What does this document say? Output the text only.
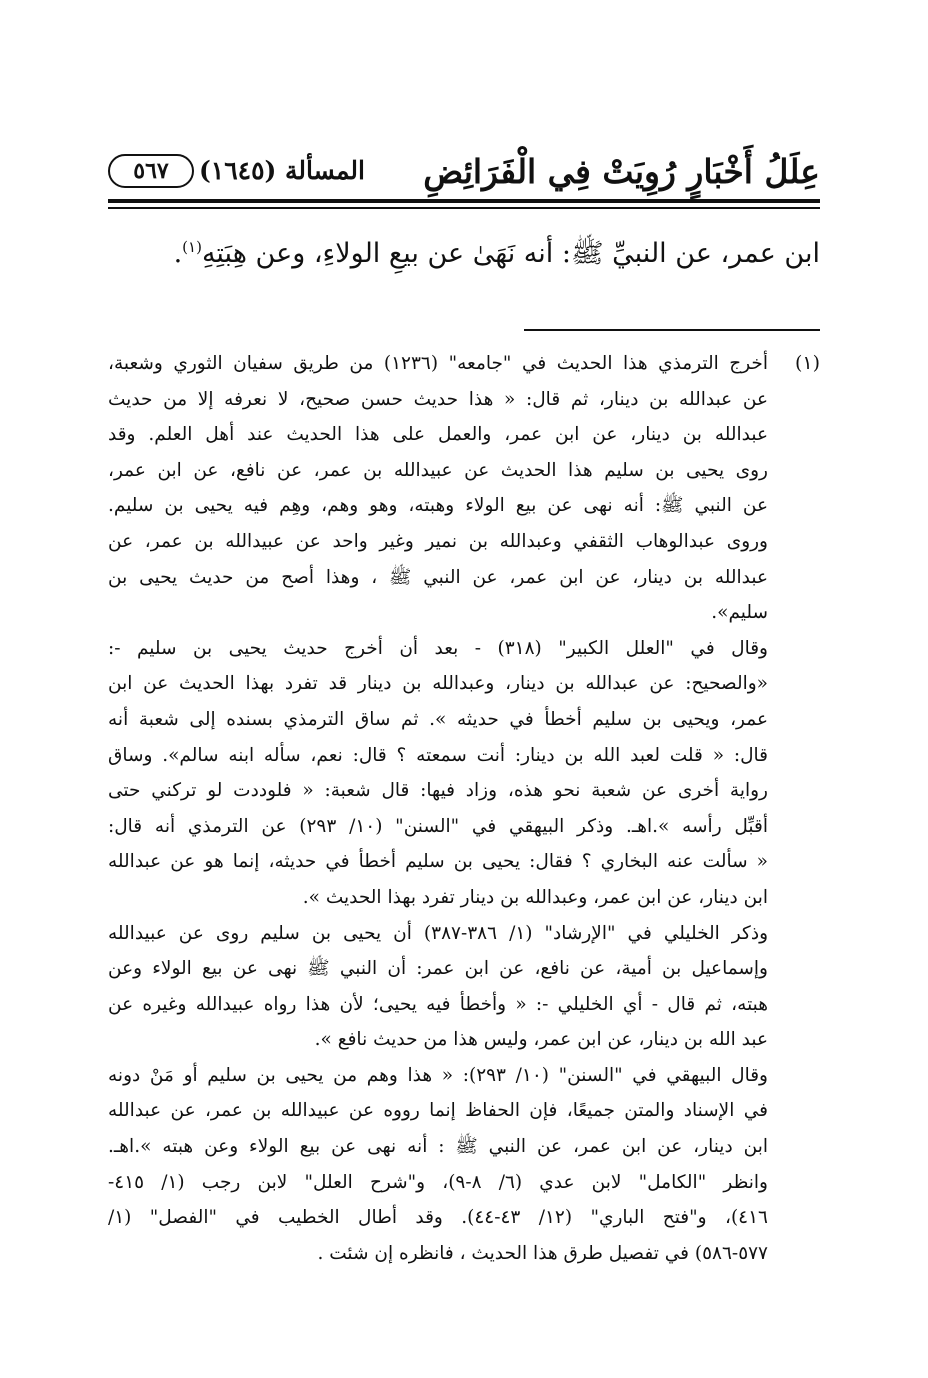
عِلَلُ أَخْبَارٍ رُوِيَتْ فِي الْفَرَائِضِ
المسألة (١٦٤٥)
٥٦٧
ابن عمر، عن النبيِّ ﷺ: أنه نَهَىٰ عن بيعِ الولاءِ، وعن هِبَتِهِ$^{(١)}$.
(١)
أخرج الترمذي هذا الحديث في "جامعه" (١٢٣٦) من طريق سفيان الثوري وشعبة،
عن عبدالله بن دينار، ثم قال: « هذا حديث حسن صحيح، لا نعرفه إلا من حديث
عبدالله بن دينار، عن ابن عمر، والعمل على هذا الحديث عند أهل العلم. وقد
روى يحيى بن سليم هذا الحديث عن عبيدالله بن عمر، عن نافع، عن ابن عمر،
عن النبي ﷺ: أنه نهى عن بيع الولاء وهبته، وهو وهم، وهِم فيه يحيى بن سليم.
وروى عبدالوهاب الثقفي وعبدالله بن نمير وغير واحد عن عبيدالله بن عمر، عن
عبدالله بن دينار، عن ابن عمر، عن النبي ﷺ ، وهذا أصح من حديث يحيى بن
سليم».
وقال في "العلل الكبير" (٣١٨) - بعد أن أخرج حديث يحيى بن سليم -:
«والصحيح: عن عبدالله بن دينار، وعبدالله بن دينار قد تفرد بهذا الحديث عن ابن
عمر، ويحيى بن سليم أخطأ في حديثه ». ثم ساق الترمذي بسنده إلى شعبة أنه
قال: « قلت لعبد الله بن دينار: أنت سمعته ؟ قال: نعم، سأله ابنه سالم». وساق
رواية أخرى عن شعبة نحو هذه، وزاد فيها: قال شعبة: « فلوددت لو تركني حتى
أقبِّل رأسه ».اهـ. وذكر البيهقي في "السنن" (١٠/ ٢٩٣) عن الترمذي أنه قال:
« سألت عنه البخاري ؟ فقال: يحيى بن سليم أخطأ في حديثه، إنما هو عن عبدالله
ابن دينار، عن ابن عمر، وعبدالله بن دينار تفرد بهذا الحديث ».
وذكر الخليلي في "الإرشاد" (١/ ٣٨٦-٣٨٧) أن يحيى بن سليم روى عن عبيدالله
وإسماعيل بن أمية، عن نافع، عن ابن عمر: أن النبي ﷺ نهى عن بيع الولاء وعن
هبته، ثم قال - أي الخليلي -: « وأخطأ فيه يحيى؛ لأن هذا رواه عبيدالله وغيره عن
عبد الله بن دينار، عن ابن عمر، وليس هذا من حديث نافع ».
وقال البيهقي في "السنن" (١٠/ ٢٩٣): « هذا وهم من يحيى بن سليم أو مَنْ دونه
في الإسناد والمتن جميعًا، فإن الحفاظ إنما رووه عن عبيدالله بن عمر، عن عبدالله
ابن دينار، عن ابن عمر، عن النبي ﷺ : أنه نهى عن بيع الولاء وعن هبته ».اهـ.
وانظر "الكامل" لابن عدي (٦/ ٨-٩)، و"شرح العلل" لابن رجب (١/ ٤١٥-
٤١٦)، و"فتح الباري" (١٢/ ٤٣-٤٤). وقد أطال الخطيب في "الفصل" (١/
٥٧٧-٥٨٦) في تفصيل طرق هذا الحديث ، فانظره إن شئت .
